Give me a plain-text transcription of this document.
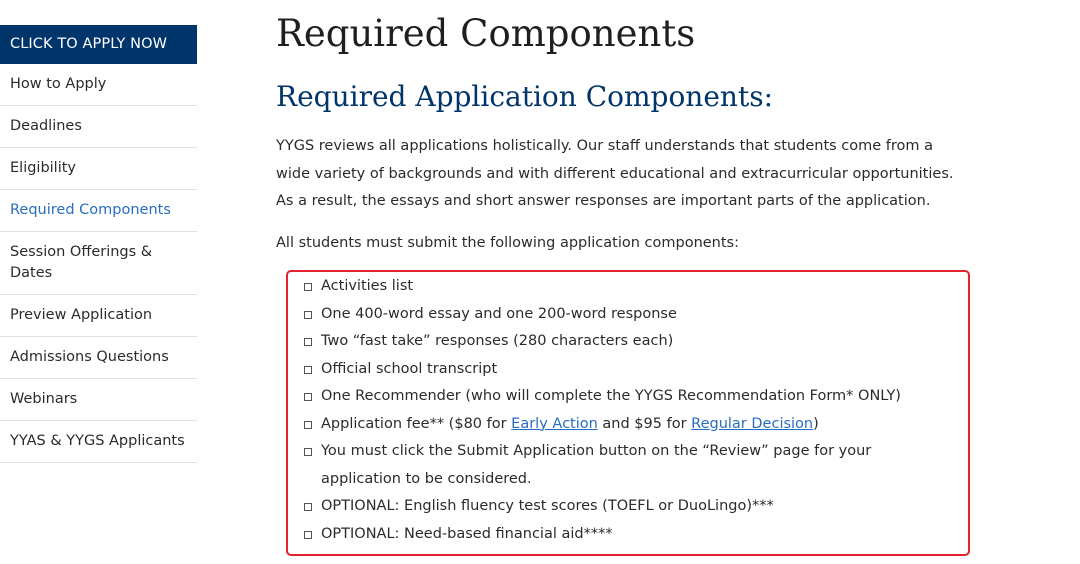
CLICK TO APPLY NOW
How to Apply
Deadlines
Eligibility
Required Components
Session Offerings & Dates
Preview Application
Admissions Questions
Webinars
YYAS & YYGS Applicants
Required Components
Required Application Components:

YYGS reviews all applications holistically. Our staff understands that students come from a wide variety of backgrounds and with different educational and extracurricular opportunities. As a result, the essays and short answer responses are important parts of the application.

All students must submit the following application components:

Activities list
One 400-word essay and one 200-word response
Two “fast take” responses (280 characters each)
Official school transcript
One Recommender (who will complete the YYGS Recommendation Form* ONLY)
Application fee** ($80 for Early Action and $95 for Regular Decision)
You must click the Submit Application button on the “Review” page for your application to be considered.
OPTIONAL: English fluency test scores (TOEFL or DuoLingo)***
OPTIONAL: Need-based financial aid****
